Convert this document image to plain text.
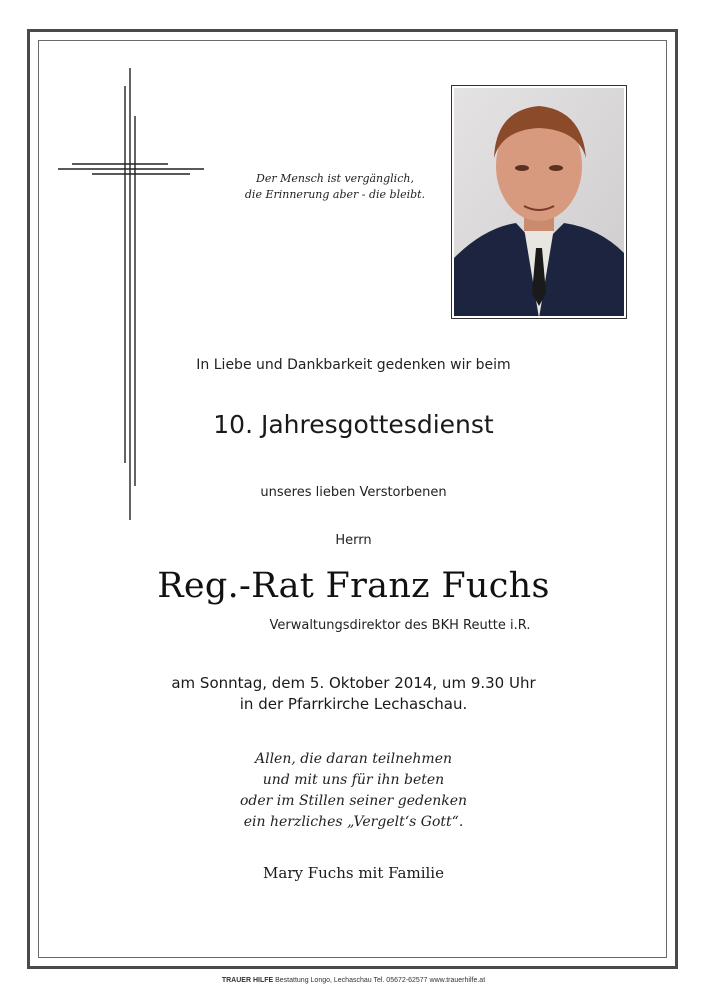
Der Mensch ist vergänglich,
die Erinnerung aber - die bleibt.
In Liebe und Dankbarkeit gedenken wir beim
10. Jahresgottesdienst
unseres lieben Verstorbenen
Herrn
Reg.-Rat Franz Fuchs
Verwaltungsdirektor des BKH Reutte i.R.
am Sonntag, dem 5. Oktober 2014, um 9.30 Uhr
in der Pfarrkirche Lechaschau.
Allen, die daran teilnehmen
und mit uns für ihn beten
oder im Stillen seiner gedenken
ein herzliches „Vergelt‘s Gott“.
Mary Fuchs mit Familie
TRAUER HILFE Bestattung Longo, Lechaschau Tel. 05672-62577 www.trauerhilfe.at
